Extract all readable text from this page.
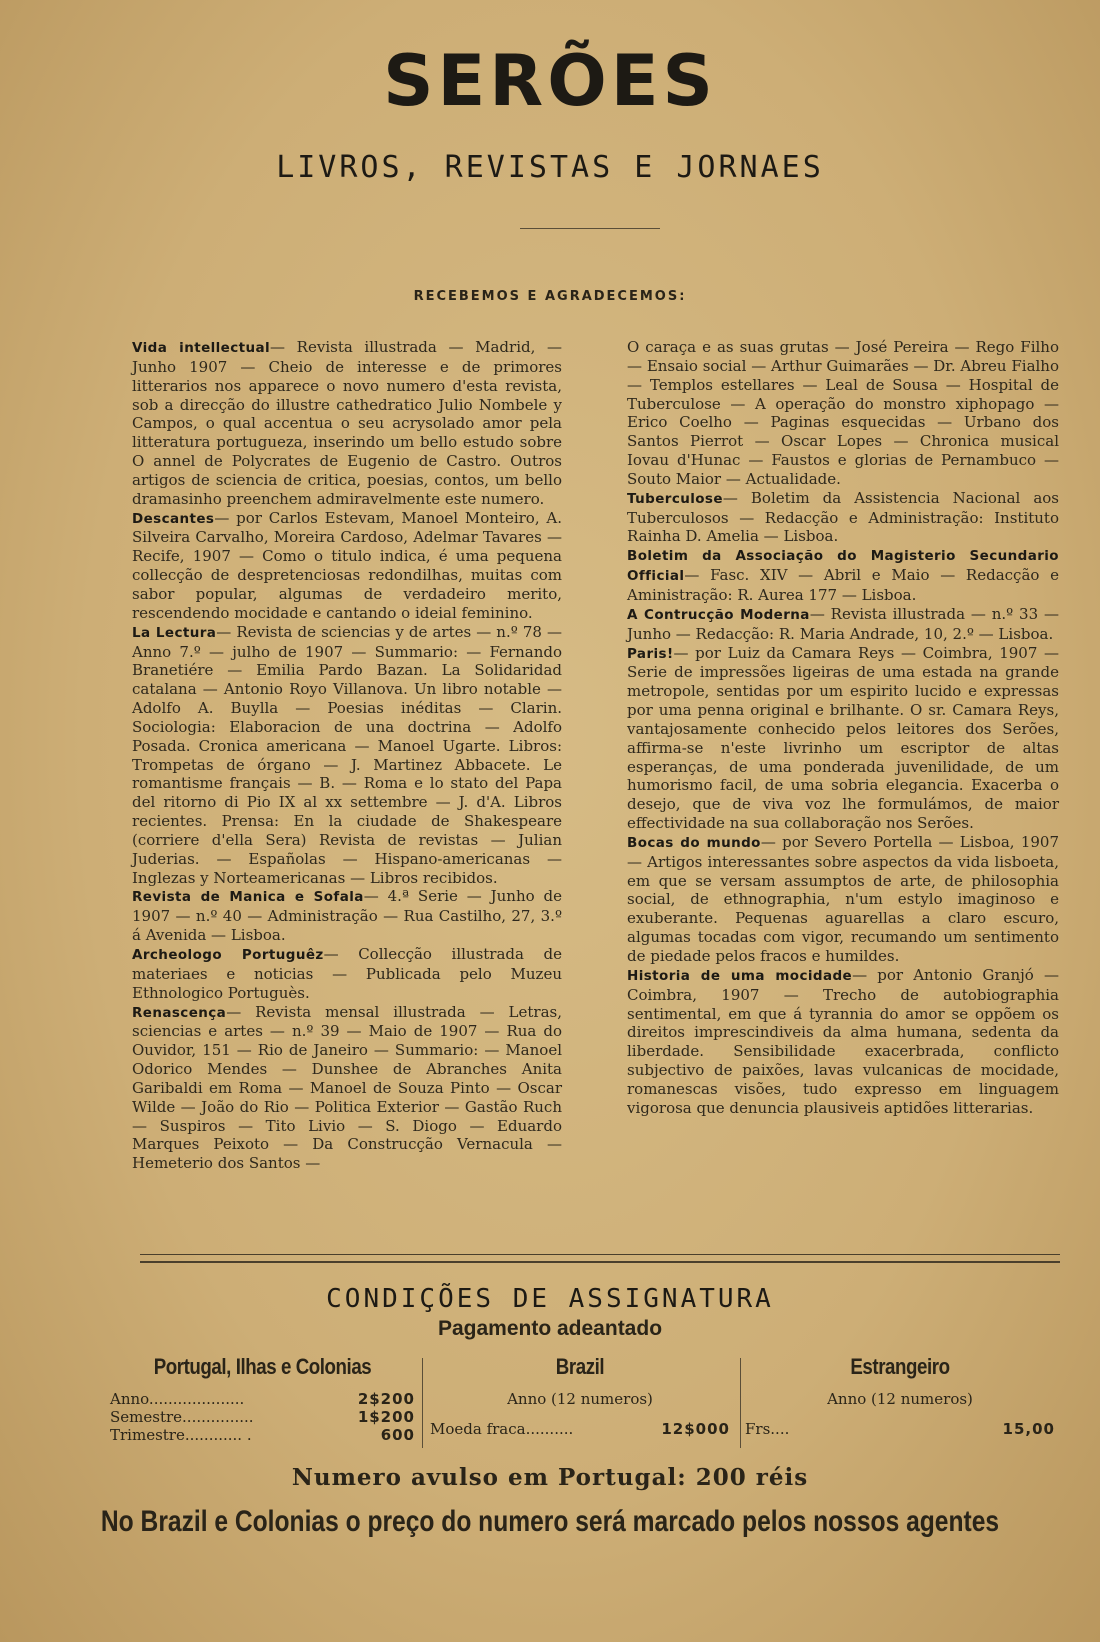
SERÕES
LIVROS, REVISTAS E JORNAES
RECEBEMOS E AGRADECEMOS:

Vida intellectual— Revista illustrada — Madrid, — Junho 1907 — Cheio de interesse e de primores litterarios nos apparece o novo numero d'esta revista, sob a direcção do illustre cathedratico Julio Nombele y Campos, o qual accentua o seu acrysolado amor pela litteratura portugueza, inserindo um bello estudo sobre O annel de Polycrates de Eugenio de Castro. Outros artigos de sciencia de critica, poesias, contos, um bello dramasinho preenchem admiravelmente este numero.

Descantes— por Carlos Estevam, Manoel Monteiro, A. Silveira Carvalho, Moreira Cardoso, Adelmar Tavares — Recife, 1907 — Como o titulo indica, é uma pequena collecção de despretenciosas redondilhas, muitas com sabor popular, algumas de verdadeiro merito, rescendendo mocidade e cantando o ideial feminino.

La Lectura— Revista de sciencias y de artes — n.º 78 — Anno 7.º — julho de 1907 — Summario: — Fernando Branetiére — Emilia Pardo Bazan. La Solidaridad catalana — Antonio Royo Villanova. Un libro notable — Adolfo A. Buylla — Poesias inéditas — Clarin. Sociologia: Elaboracion de una doctrina — Adolfo Posada. Cronica americana — Manoel Ugarte. Libros: Trompetas de órgano — J. Martinez Abbacete. Le romantisme français — B. — Roma e lo stato del Papa del ritorno di Pio IX al xx settembre — J. d'A. Libros recientes. Prensa: En la ciudade de Shakespeare (corriere d'ella Sera) Revista de revistas — Julian Juderias. — Españolas — Hispano-americanas — Inglezas y Norteamericanas — Libros recibidos.

Revista de Manica e Sofala— 4.ª Serie — Junho de 1907 — n.º 40 — Administração — Rua Castilho, 27, 3.º á Avenida — Lisboa.

Archeologo Portuguêz— Collecção illustrada de materiaes e noticias — Publicada pelo Muzeu Ethnologico Portuguès.

Renascença— Revista mensal illustrada — Letras, sciencias e artes — n.º 39 — Maio de 1907 — Rua do Ouvidor, 151 — Rio de Janeiro — Summario: — Manoel Odorico Mendes — Dunshee de Abranches Anita Garibaldi em Roma — Manoel de Souza Pinto — Oscar Wilde — João do Rio — Politica Exterior — Gastão Ruch — Suspiros — Tito Livio — S. Diogo — Eduardo Marques Peixoto — Da Construcção Vernacula — Hemeterio dos Santos —

O caraça e as suas grutas — José Pereira — Rego Filho — Ensaio social — Arthur Guimarães — Dr. Abreu Fialho — Templos estellares — Leal de Sousa — Hospital de Tuberculose — A operação do monstro xiphopago — Erico Coelho — Paginas esquecidas — Urbano dos Santos Pierrot — Oscar Lopes — Chronica musical Iovau d'Hunac — Faustos e glorias de Pernambuco — Souto Maior — Actualidade.

Tuberculose— Boletim da Assistencia Nacional aos Tuberculosos — Redacção e Administração: Instituto Rainha D. Amelia — Lisboa.

Boletim da Associação do Magisterio Secundario Official— Fasc. XIV — Abril e Maio — Redacção e Aministração: R. Aurea 177 — Lisboa.

A Contrucção Moderna— Revista illustrada — n.º 33 — Junho — Redacção: R. Maria Andrade, 10, 2.º — Lisboa.

Paris!— por Luiz da Camara Reys — Coimbra, 1907 — Serie de impressões ligeiras de uma estada na grande metropole, sentidas por um espirito lucido e expressas por uma penna original e brilhante. O sr. Camara Reys, vantajosamente conhecido pelos leitores dos Serões, affirma-se n'este livrinho um escriptor de altas esperanças, de uma ponderada juvenilidade, de um humorismo facil, de uma sobria elegancia. Exacerba o desejo, que de viva voz lhe formulámos, de maior effectividade na sua collaboração nos Serões.

Bocas do mundo— por Severo Portella — Lisboa, 1907 — Artigos interessantes sobre aspectos da vida lisboeta, em que se versam assumptos de arte, de philosophia social, de ethnographia, n'um estylo imaginoso e exuberante. Pequenas aguarellas a claro escuro, algumas tocadas com vigor, recumando um sentimento de piedade pelos fracos e humildes.

Historia de uma mocidade— por Antonio Granjó — Coimbra, 1907 — Trecho de autobiographia sentimental, em que á tyrannia do amor se oppõem os direitos imprescindiveis da alma humana, sedenta da liberdade. Sensibilidade exacerbrada, conflicto subjectivo de paixões, lavas vulcanicas de mocidade, romanescas visões, tudo expresso em linguagem vigorosa que denuncia plausiveis aptidões litterarias.

CONDIÇÕES DE ASSIGNATURA
Pagamento adeantado
Portugal, Ilhas e Colonias
Anno....................	2$200
Semestre...............	1$200
Trimestre............ .	600
Brazil
Anno (12 numeros)
Moeda fraca..........	12$000
Estrangeiro
Anno (12 numeros)
Frs....	15,00
Numero avulso em Portugal: 200 réis
No Brazil e Colonias o preço do numero será marcado pelos nossos agentes
